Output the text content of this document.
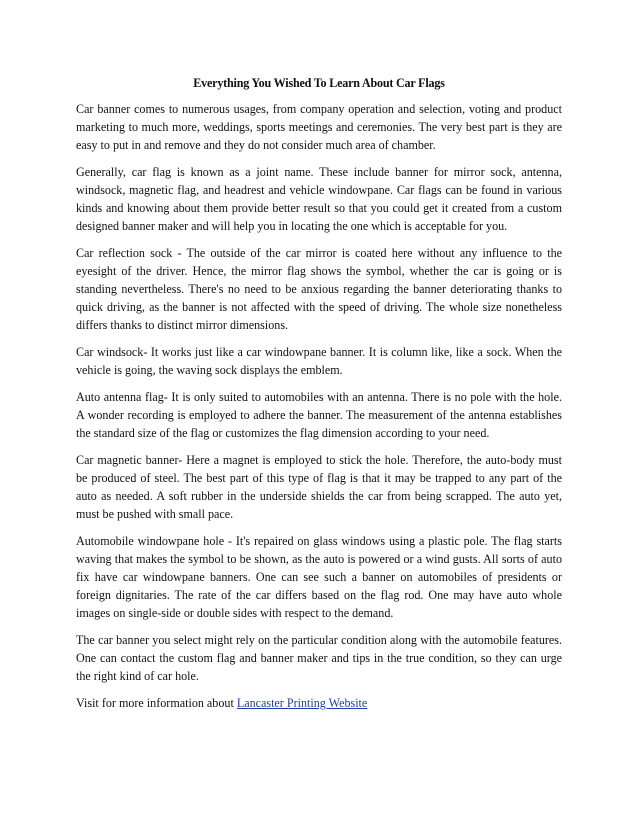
Everything You Wished To Learn About Car Flags

Car banner comes to numerous usages, from company operation and selection, voting and product marketing to much more, weddings, sports meetings and ceremonies. The very best part is they are easy to put in and remove and they do not consider much area of chamber.

Generally, car flag is known as a joint name. These include banner for mirror sock, antenna, windsock, magnetic flag, and headrest and vehicle windowpane. Car flags can be found in various kinds and knowing about them provide better result so that you could get it created from a custom designed banner maker and will help you in locating the one which is acceptable for you.

Car reflection sock - The outside of the car mirror is coated here without any influence to the eyesight of the driver. Hence, the mirror flag shows the symbol, whether the car is going or is standing nevertheless. There's no need to be anxious regarding the banner deteriorating thanks to quick driving, as the banner is not affected with the speed of driving. The whole size nonetheless differs thanks to distinct mirror dimensions.

Car windsock- It works just like a car windowpane banner. It is column like, like a sock. When the vehicle is going, the waving sock displays the emblem.

Auto antenna flag- It is only suited to automobiles with an antenna. There is no pole with the hole. A wonder recording is employed to adhere the banner. The measurement of the antenna establishes the standard size of the flag or customizes the flag dimension according to your need.

Car magnetic banner- Here a magnet is employed to stick the hole. Therefore, the auto-body must be produced of steel. The best part of this type of flag is that it may be trapped to any part of the auto as needed. A soft rubber in the underside shields the car from being scrapped. The auto yet, must be pushed with small pace.

Automobile windowpane hole - It's repaired on glass windows using a plastic pole. The flag starts waving that makes the symbol to be shown, as the auto is powered or a wind gusts. All sorts of auto fix have car windowpane banners. One can see such a banner on automobiles of presidents or foreign dignitaries. The rate of the car differs based on the flag rod. One may have auto whole images on single-side or double sides with respect to the demand.

The car banner you select might rely on the particular condition along with the automobile features. One can contact the custom flag and banner maker and tips in the true condition, so they can urge the right kind of car hole.

Visit for more information about Lancaster Printing Website
